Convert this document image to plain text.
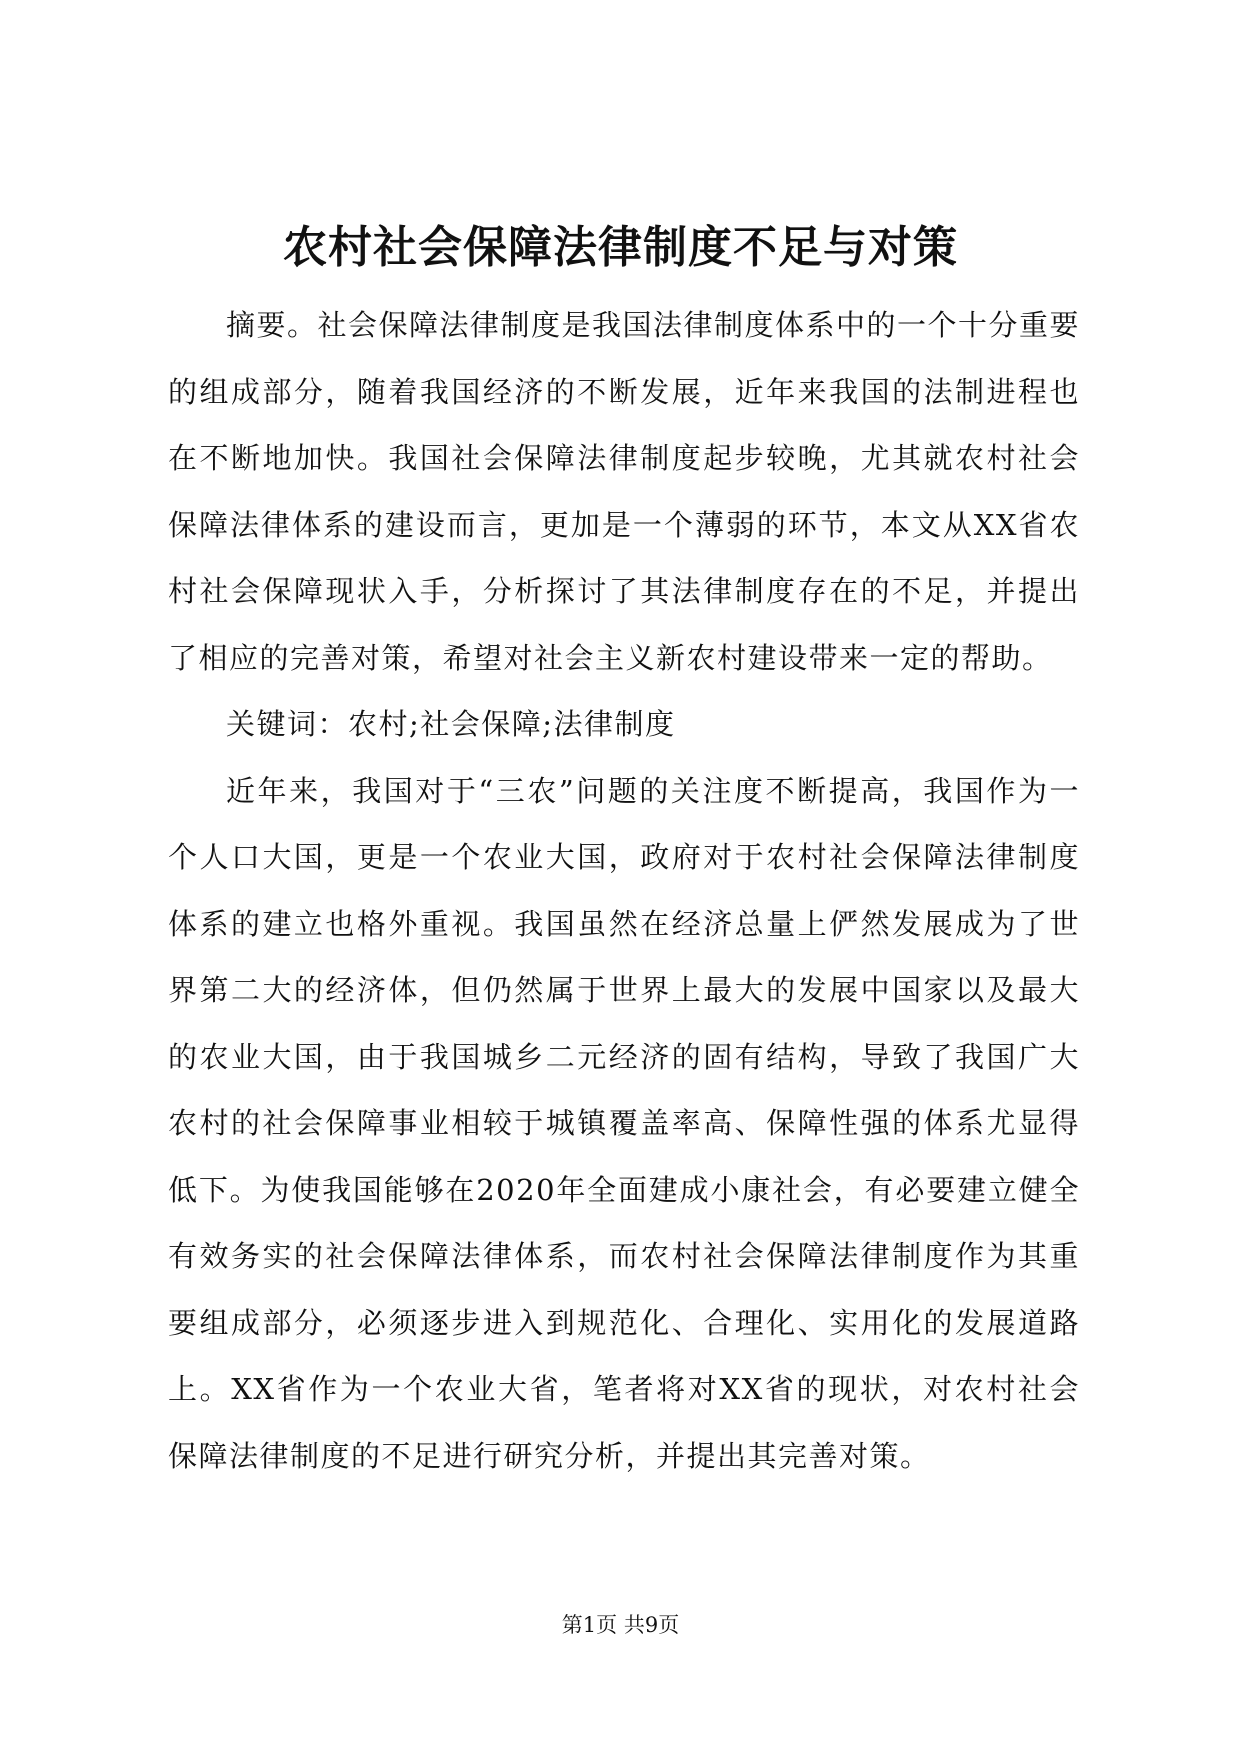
农村社会保障法律制度不足与对策

摘要。社会保障法律制度是我国法律制度体系中的一个十分重要的组成部分，随着我国经济的不断发展，近年来我国的法制进程也在不断地加快。我国社会保障法律制度起步较晚，尤其就农村社会保障法律体系的建设而言，更加是一个薄弱的环节，本文从XX省农村社会保障现状入手，分析探讨了其法律制度存在的不足，并提出了相应的完善对策，希望对社会主义新农村建设带来一定的帮助。

关键词：农村;社会保障;法律制度

近年来，我国对于“三农”问题的关注度不断提高，我国作为一个人口大国，更是一个农业大国，政府对于农村社会保障法律制度体系的建立也格外重视。我国虽然在经济总量上俨然发展成为了世界第二大的经济体，但仍然属于世界上最大的发展中国家以及最大的农业大国，由于我国城乡二元经济的固有结构，导致了我国广大农村的社会保障事业相较于城镇覆盖率高、保障性强的体系尤显得低下。为使我国能够在2020年全面建成小康社会，有必要建立健全有效务实的社会保障法律体系，而农村社会保障法律制度作为其重要组成部分，必须逐步进入到规范化、合理化、实用化的发展道路上。XX省作为一个农业大省，笔者将对XX省的现状，对农村社会保障法律制度的不足进行研究分析，并提出其完善对策。

第1页 共9页
